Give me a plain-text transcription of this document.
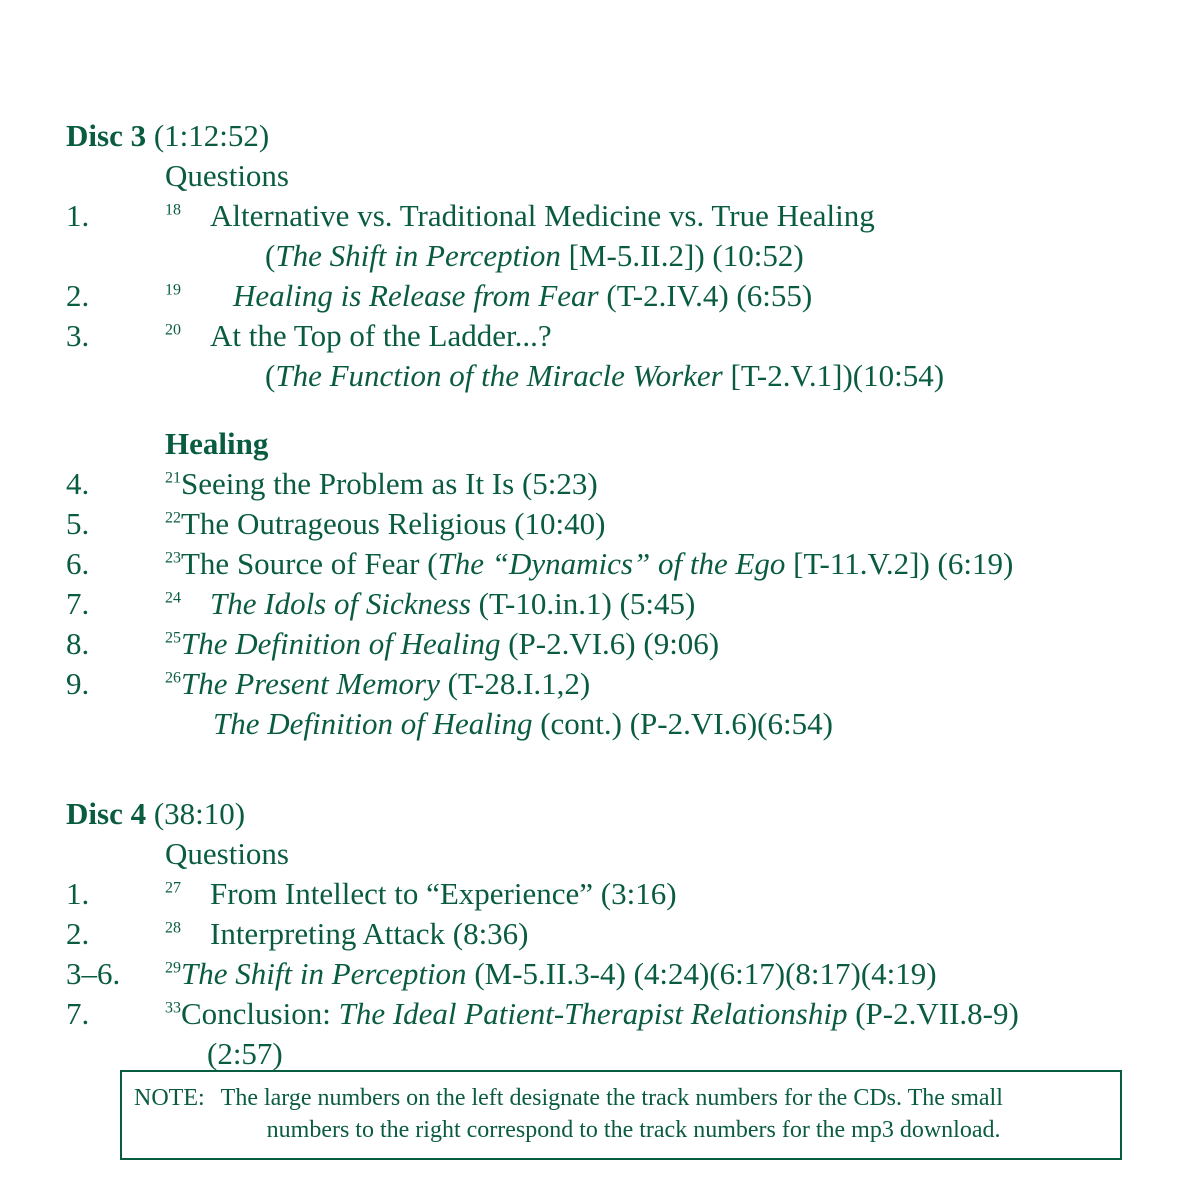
Disc 3 (1:12:52)
Questions
1.	$^{18}$ Alternative vs. Traditional Medicine vs. True Healing
(The Shift in Perception [M-5.II.2]) (10:52)
2.	$^{19}$ Healing is Release from Fear (T-2.IV.4) (6:55)
3.	$^{20}$ At the Top of the Ladder...?
(The Function of the Miracle Worker [T-2.V.1])(10:54)
Healing
4.	$^{21}$Seeing the Problem as It Is (5:23)
5.	$^{22}$The Outrageous Religious (10:40)
6.	$^{23}$The Source of Fear (The “Dynamics” of the Ego [T-11.V.2]) (6:19)
7.	$^{24}$ The Idols of Sickness (T-10.in.1) (5:45)
8.	$^{25}$The Definition of Healing (P-2.VI.6) (9:06)
9.	$^{26}$The Present Memory (T-28.I.1,2)
The Definition of Healing (cont.) (P-2.VI.6)(6:54)
Disc 4 (38:10)
Questions
1.	$^{27}$ From Intellect to “Experience” (3:16)
2.	$^{28}$ Interpreting Attack (8:36)
3–6.	$^{29}$The Shift in Perception (M-5.II.3-4) (4:24)(6:17)(8:17)(4:19)
7.	$^{33}$Conclusion: The Ideal Patient-Therapist Relationship (P-2.VII.8-9)
(2:57)
NOTE: The large numbers on the left designate the track numbers for the CDs. The small
numbers to the right correspond to the track numbers for the mp3 download.
